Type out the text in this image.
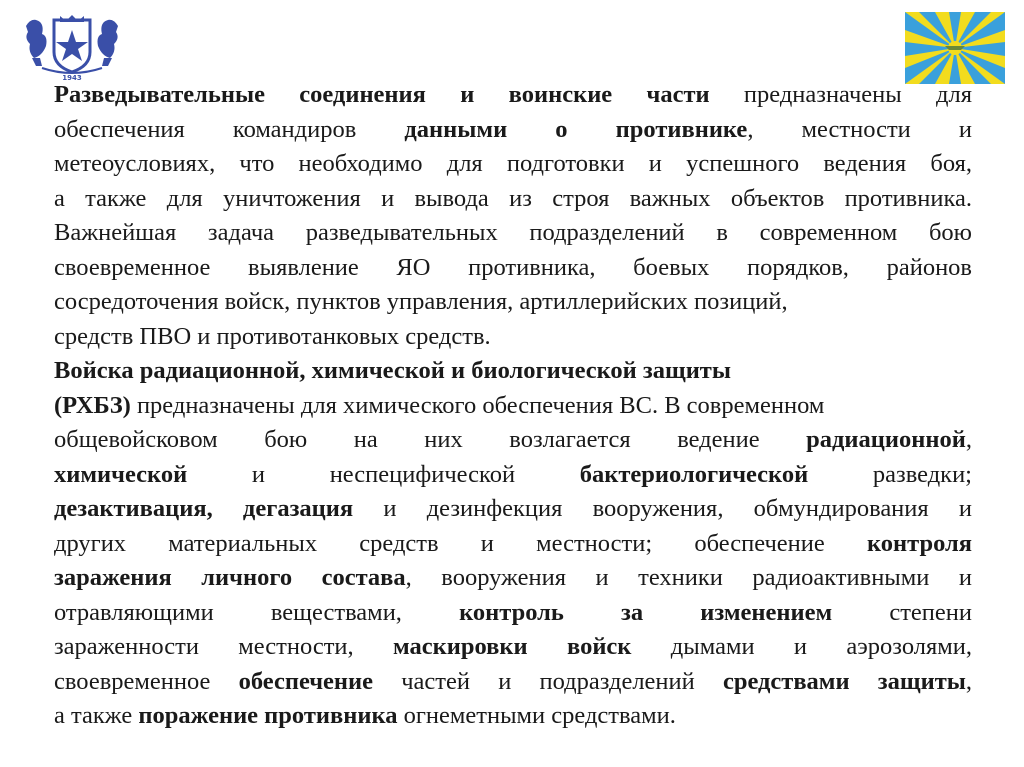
1943
Разведывательные соединения и воинские части предназначены для
обеспечения командиров данными о противнике, местности и
метеоусловиях, что необходимо для подготовки и успешного ведения боя,
а также для уничтожения и вывода из строя важных объектов противника.
Важнейшая задача разведывательных подразделений в современном бою
своевременное выявление ЯО противника, боевых порядков, районов
сосредоточения войск, пунктов управления, артиллерийских позиций,
средств ПВО и противотанковых средств.
Войска радиационной, химической и биологической защиты
(РХБЗ) предназначены для химического обеспечения ВС. В современном
общевойсковом бою на них возлагается ведение радиационной,
химической и неспецифической бактериологической разведки;
дезактивация, дегазация и дезинфекция вооружения, обмундирования и
других материальных средств и местности; обеспечение контроля
заражения личного состава, вооружения и техники радиоактивными и
отравляющими веществами, контроль за изменением степени
зараженности местности, маскировки войск дымами и аэрозолями,
своевременное обеспечение частей и подразделений средствами защиты,
а также поражение противника огнеметными средствами.
